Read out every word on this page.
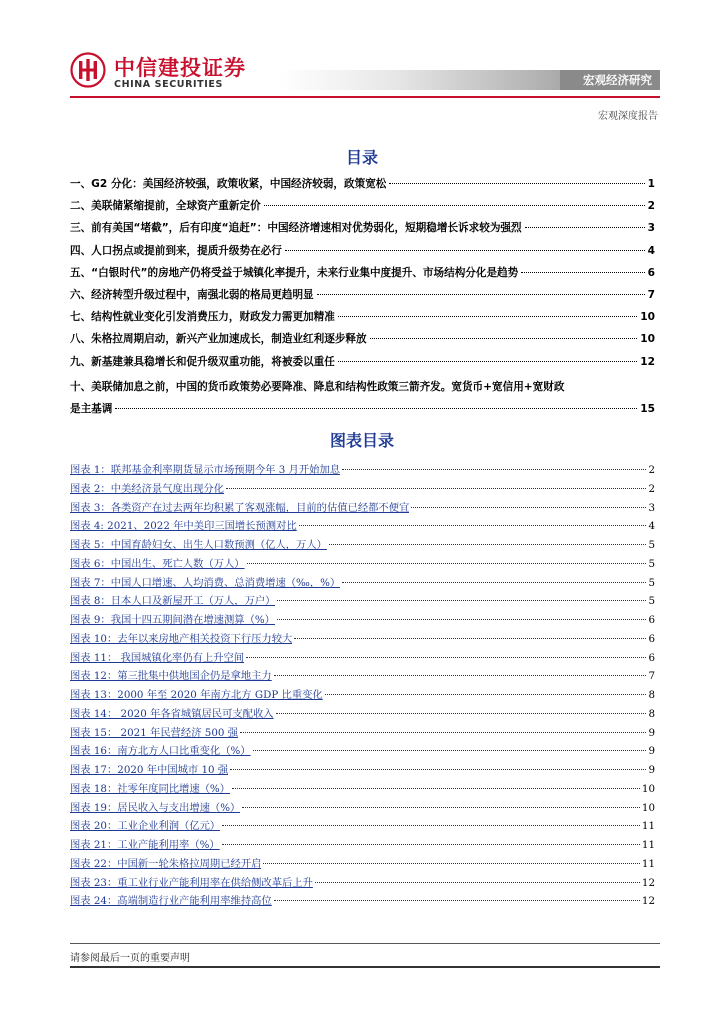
中信建投证券
CHINA SECURITIES	宏观经济研究
宏观深度报告
目录
一、G2 分化：美国经济较强，政策收紧，中国经济较弱，政策宽松	1
二、美联储紧缩提前，全球资产重新定价	2
三、前有美国“堵截”，后有印度“追赶”：中国经济增速相对优势弱化，短期稳增长诉求较为强烈	3
四、人口拐点或提前到来，提质升级势在必行	4
五、“白银时代”的房地产仍将受益于城镇化率提升，未来行业集中度提升、市场结构分化是趋势	6
六、经济转型升级过程中，南强北弱的格局更趋明显	7
七、结构性就业变化引发消费压力，财政发力需更加精准	10
八、朱格拉周期启动，新兴产业加速成长，制造业红利逐步释放	10
九、新基建兼具稳增长和促升级双重功能，将被委以重任	12
十、美联储加息之前，中国的货币政策势必要降准、降息和结构性政策三箭齐发。宽货币+宽信用+宽财政
是主基调	15
图表目录
图表 1：联邦基金利率期货显示市场预期今年 3 月开始加息	2
图表 2：中美经济景气度出现分化	2
图表 3：各类资产在过去两年均积累了客观涨幅，目前的估值已经都不便宜	3
图表 4: 2021、2022 年中美印三国增长预测对比	4
图表 5：中国育龄妇女、出生人口数预测（亿人，万人）	5
图表 6：中国出生、死亡人数（万人）	5
图表 7：中国人口增速、人均消费、总消费增速（‰，%）	5
图表 8：日本人口及新屋开工（万人，万户）	5
图表 9：我国十四五期间潜在增速测算（%）	6
图表 10：去年以来房地产相关投资下行压力较大	6
图表 11： 我国城镇化率仍有上升空间	6
图表 12：第三批集中供地国企仍是拿地主力	7
图表 13：2000 年至 2020 年南方北方 GDP 比重变化	8
图表 14： 2020 年各省城镇居民可支配收入	8
图表 15： 2021 年民营经济 500 强	9
图表 16：南方北方人口比重变化（%）	9
图表 17：2020 年中国城市 10 强	9
图表 18：社零年度同比增速（%）	10
图表 19：居民收入与支出增速（%）	10
图表 20：工业企业利润（亿元）	11
图表 21：工业产能利用率（%）	11
图表 22：中国新一轮朱格拉周期已经开启	11
图表 23：重工业行业产能利用率在供给侧改革后上升	12
图表 24：高端制造行业产能利用率维持高位	12
请参阅最后一页的重要声明
